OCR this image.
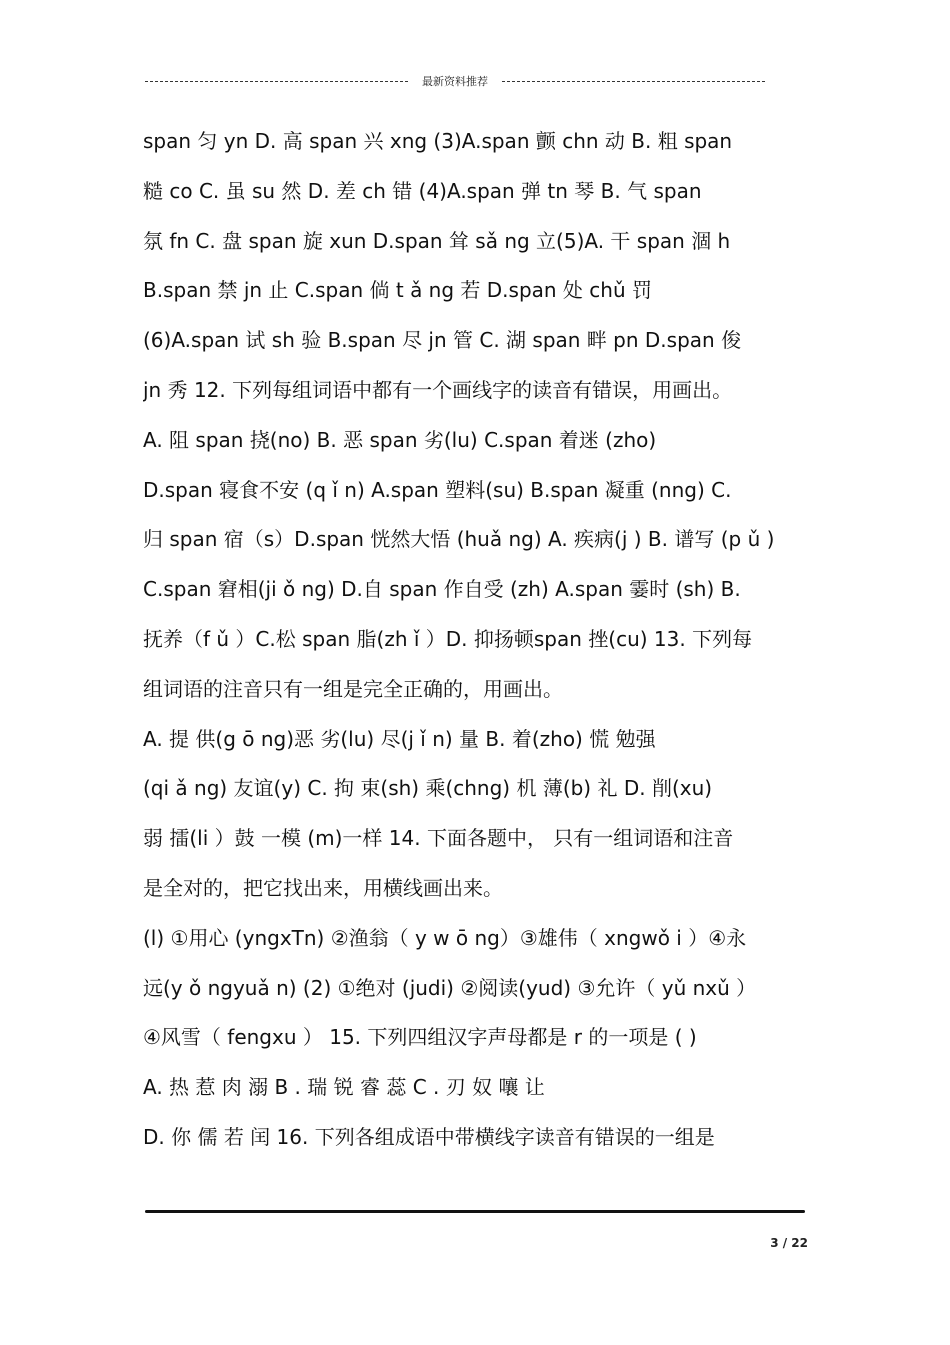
最新资料推荐
span 匀 yn D. 高 span 兴 xng (3)A.span 颤 chn 动 B. 粗 span
糙 co C. 虽 su 然 D. 差 ch 错 (4)A.span 弹 tn 琴 B. 气 span
氛 fn C. 盘 span 旋 xun D.span 耸 sǎ ng 立(5)A. 干 span 涸 h
B.span 禁 jn 止 C.span 倘 t ǎ ng 若 D.span 处 chǔ 罚
(6)A.span 试 sh 验 B.span 尽 jn 管 C. 湖 span 畔 pn D.span 俊
jn 秀 12. 下列每组词语中都有一个画线字的读音有错误，用画出。
A. 阻 span 挠(no) B. 恶 span 劣(lu) C.span 着迷 (zho)
D.span 寝食不安 (q ǐ n) A.span 塑料(su) B.span 凝重 (nng) C.
归 span 宿（s）D.span 恍然大悟 (huǎ ng) A. 疾病(j ) B. 谱写 (p ǔ )
C.span 窘相(ji ǒ ng) D.自 span 作自受 (zh) A.span 霎时 (sh) B.
抚养（f ǔ ）C.松 span 脂(zh ǐ ）D. 抑扬顿span 挫(cu) 13. 下列每
组词语的注音只有一组是完全正确的，用画出。
A. 提 供(g ō ng)恶 劣(lu) 尽(j ǐ n) 量 B. 着(zho) 慌 勉强
(qi ǎ ng) 友谊(y) C. 拘 束(sh) 乘(chng) 机 薄(b) 礼 D. 削(xu)
弱 擂(li ）鼓 一模 (m)一样 14. 下面各题中， 只有一组词语和注音
是全对的，把它找出来，用横线画出来。
(l) ①用心 (yngxTn) ②渔翁（ y w ō ng）③雄伟（ xngwǒ i ）④永
远(y ǒ ngyuǎ n) (2) ①绝对 (judi) ②阅读(yud) ③允许（ yǔ nxǔ ）
④风雪（ fengxu ） 15. 下列四组汉字声母都是 r 的一项是 ( )
A. 热 惹 肉 溺 B . 瑞 锐 睿 蕊 C . 刃 奴 嚷 让
D. 你 儒 若 闰 16. 下列各组成语中带横线字读音有错误的一组是
3 / 22
